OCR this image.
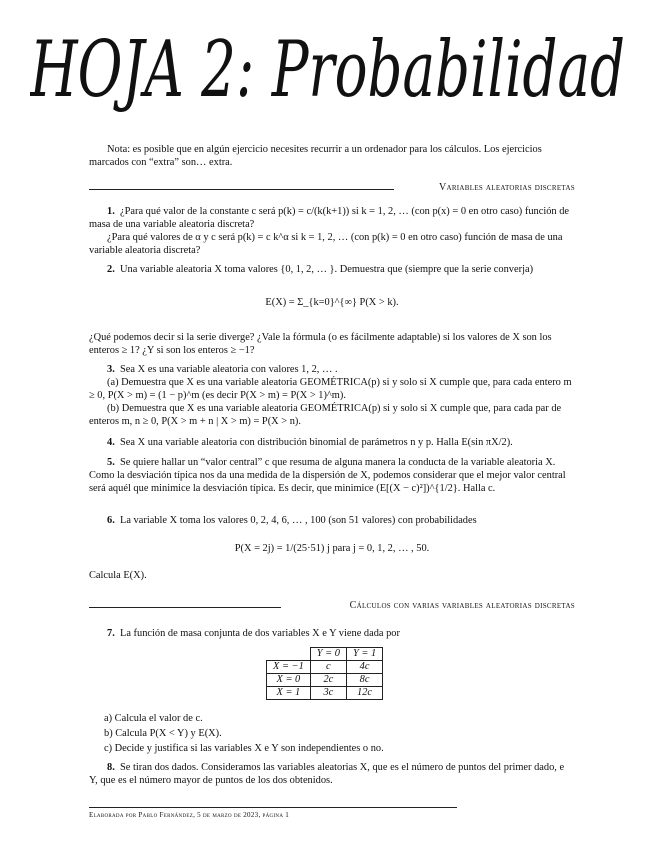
HOJA 2: Probabilidad
Nota: es posible que en algún ejercicio necesites recurrir a un ordenador para los cálculos. Los ejercicios marcados con “extra” son… extra.
Variables aleatorias discretas
1. ¿Para qué valor de la constante c será p(k) = c/(k(k+1)) si k = 1, 2, … (con p(x) = 0 en otro caso) función de masa de una variable aleatoria discreta?
¿Para qué valores de α y c será p(k) = c k^α si k = 1, 2, … (con p(k) = 0 en otro caso) función de masa de una variable aleatoria discreta?
2. Una variable aleatoria X toma valores {0, 1, 2, … }. Demuestra que (siempre que la serie converja)
E(X) = Σ_{k=0}^{∞} P(X > k).
¿Qué podemos decir si la serie diverge? ¿Vale la fórmula (o es fácilmente adaptable) si los valores de X son los enteros ≥ 1? ¿Y si son los enteros ≥ −1?
3. Sea X es una variable aleatoria con valores 1, 2, … .
(a) Demuestra que X es una variable aleatoria GEOMÉTRICA(p) si y solo si X cumple que, para cada entero m ≥ 0, P(X > m) = (1 − p)^m (es decir P(X > m) = P(X > 1)^m).
(b) Demuestra que X es una variable aleatoria GEOMÉTRICA(p) si y solo si X cumple que, para cada par de enteros m, n ≥ 0, P(X > m + n | X > m) = P(X > n).
4. Sea X una variable aleatoria con distribución binomial de parámetros n y p. Halla E(sin πX/2).
5. Se quiere hallar un “valor central” c que resuma de alguna manera la conducta de la variable aleatoria X. Como la desviación típica nos da una medida de la dispersión de X, podemos considerar que el mejor valor central será aquél que minimice la desviación típica. Es decir, que minimice (E[(X − c)²])^{1/2}. Halla c.
6. La variable X toma los valores 0, 2, 4, 6, … , 100 (son 51 valores) con probabilidades
P(X = 2j) = 1/(25·51) j para j = 0, 1, 2, … , 50.
Calcula E(X).
Cálculos con varias variables aleatorias discretas
7. La función de masa conjunta de dos variables X e Y viene dada por
	Y = 0	Y = 1
X = −1	c	4c
X = 0	2c	8c
X = 1	3c	12c
a) Calcula el valor de c.
b) Calcula P(X < Y) y E(X).
c) Decide y justifica si las variables X e Y son independientes o no.
8. Se tiran dos dados. Consideramos las variables aleatorias X, que es el número de puntos del primer dado, e Y, que es el número mayor de puntos de los dos obtenidos.
Elaborada por Pablo Fernández, 5 de marzo de 2023, página 1
